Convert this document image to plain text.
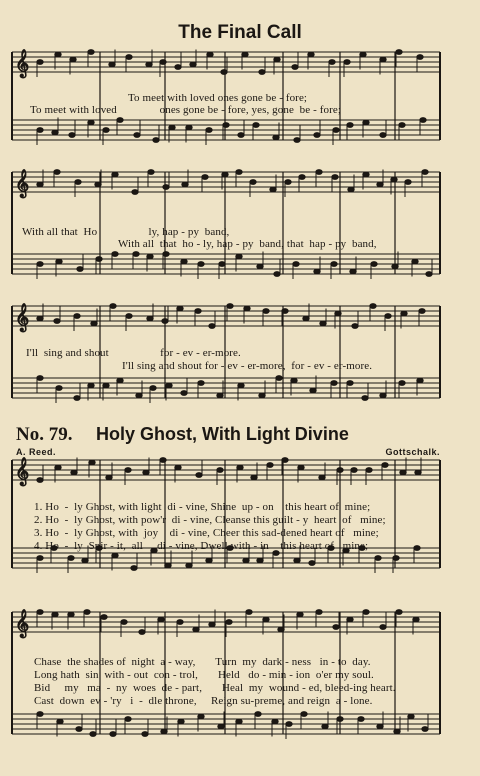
The Final Call
𝄞
𝄞
𝄞
𝄞
𝄞
To meet with loved ones gone be - fore;
To meet with loved               ones gone be - fore, yes, gone  be - fore;
With all that  Ho                  ly, hap - py  band,
With all  that  ho - ly, hap - py  band, that  hap - py  band,
I'll  sing and shout                  for - ev - er-more.
I'll sing and shout for - ev - er-more,  for - ev - er-more.
No. 79. Holy Ghost, With Light Divine
A. Reed.	Gottschalk.
1. Ho  -  ly Ghost, with light  di - vine, Shine  up - on    this heart of  mine;
2. Ho  -  ly Ghost, with pow'r  di - vine, Cleanse this guilt - y  heart  of   mine;
3. Ho  -  ly Ghost, with  joy    di - vine, Cheer this sad-dened heart of   mine;
4. Ho  -  ly  Spir - it,  all     di - vine, Dwell with - in    this heart of   mine;
Chase  the shades of  night  a - way,       Turn  my  dark - ness   in - to  day.
Long hath  sin  with - out  con - trol,       Held   do - min - ion  o'er my soul.
Bid     my   ma  -  ny  woes  de - part,       Heal  my  wound - ed, bleed-ing heart.
Cast  down  ev - 'ry   i  -  dle throne,     Reign su-preme, and reign  a - lone.
